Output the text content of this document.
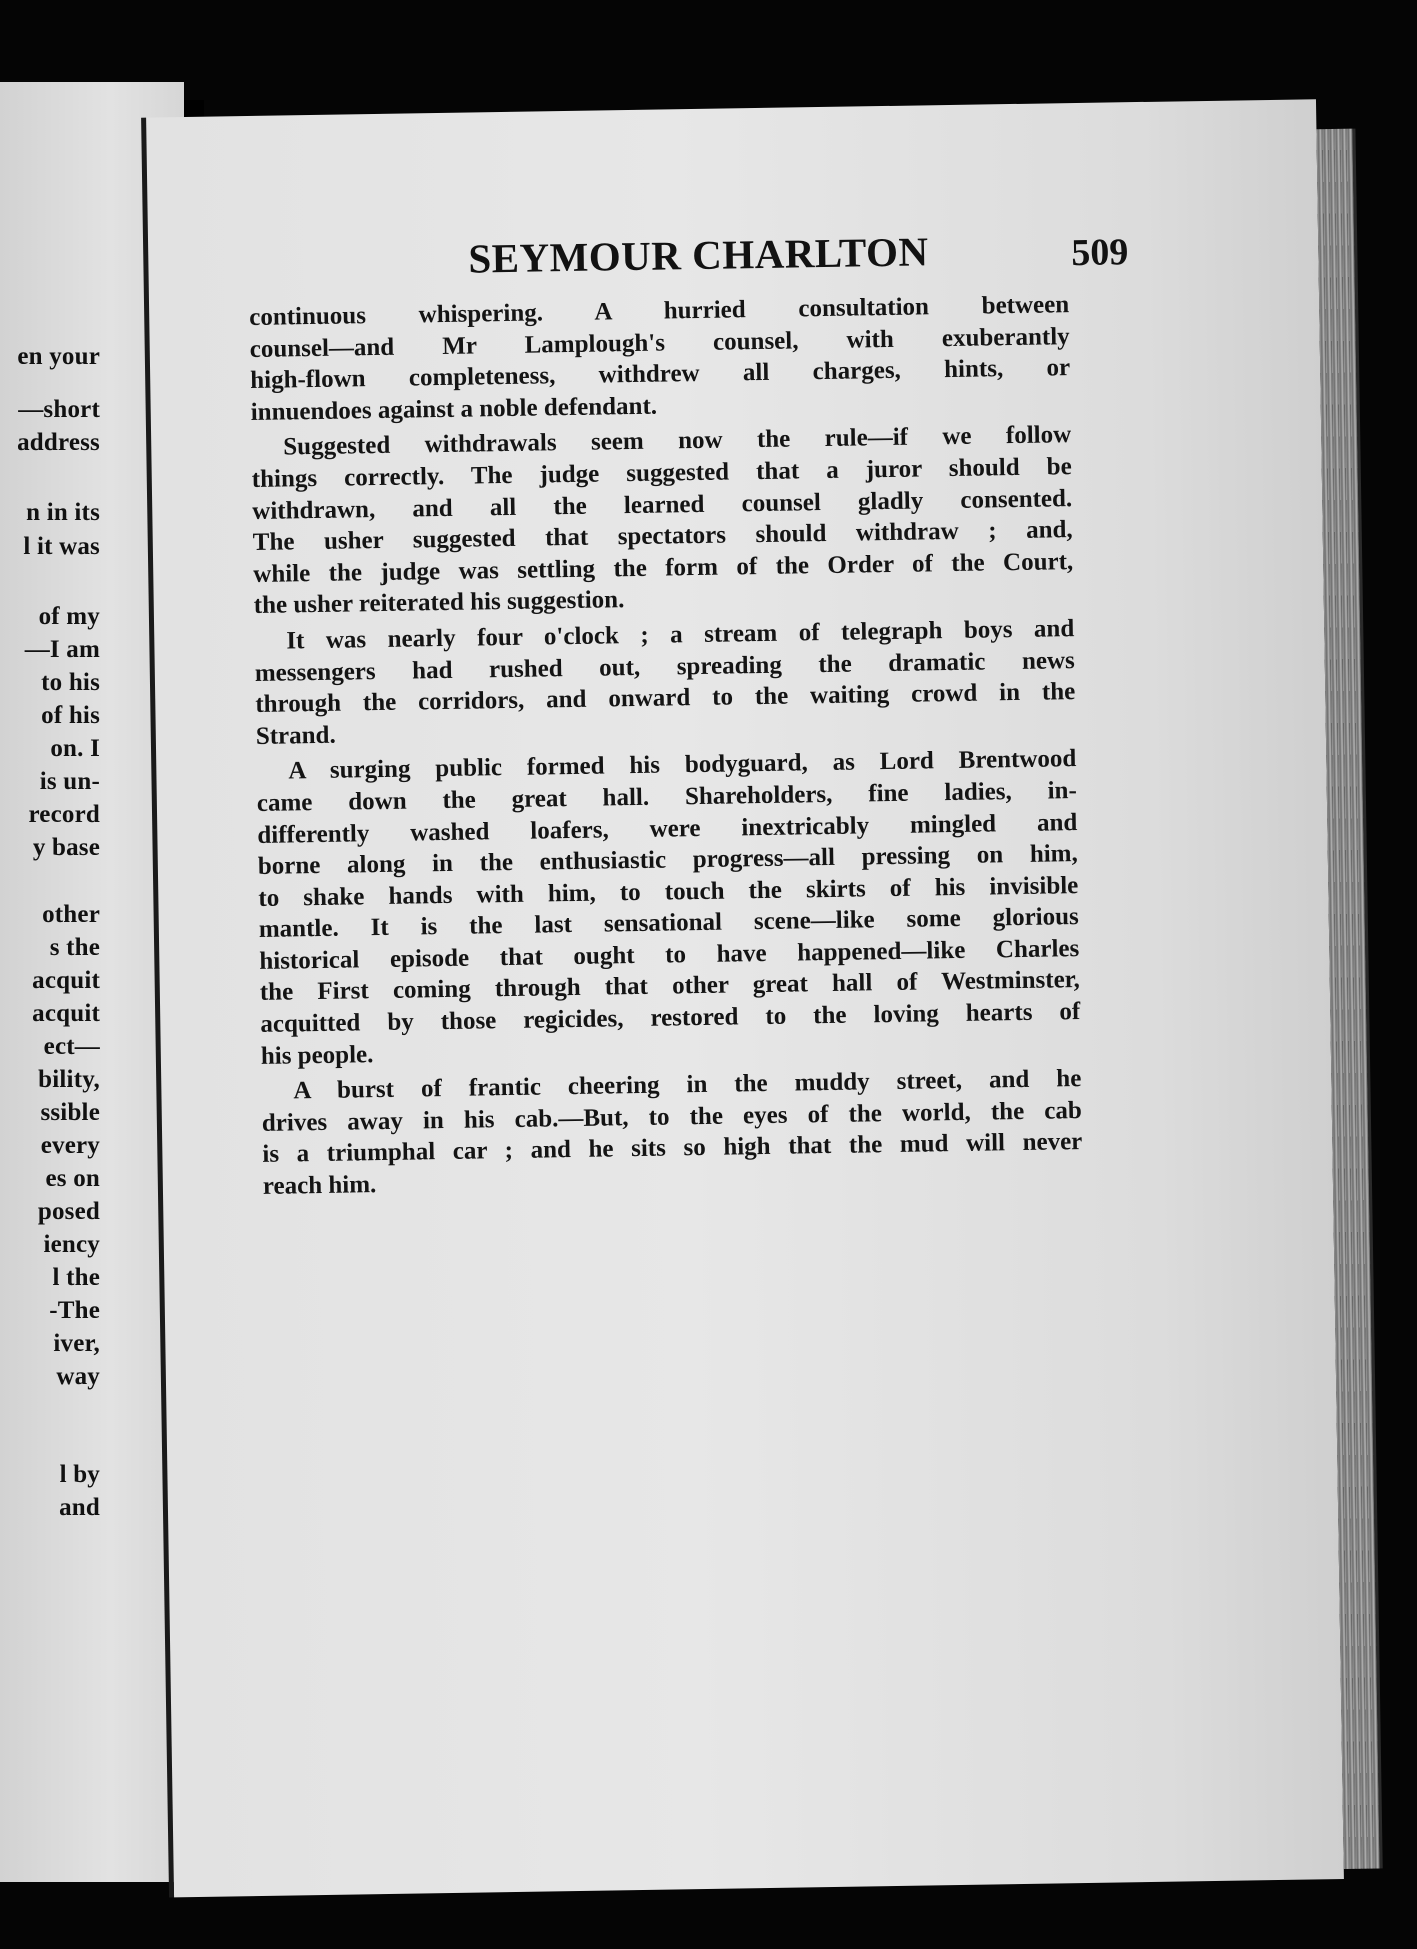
en your
—short
address
n in its
l it was
of my
—I am
to his
of his
on. I
is un-
record
y base
other
s the
acquit
acquit
ect—
bility,
ssible
every
es on
posed
iency
l the
-The
iver,
way
l by
and
SEYMOUR CHARLTON	509

continuous whispering. A hurried consultation between
counsel—and Mr Lamplough's counsel, with exuberantly
high-flown completeness, withdrew all charges, hints, or
innuendoes against a noble defendant.

Suggested withdrawals seem now the rule—if we follow
things correctly. The judge suggested that a juror should be
withdrawn, and all the learned counsel gladly consented.
The usher suggested that spectators should withdraw ; and,
while the judge was settling the form of the Order of the Court,
the usher reiterated his suggestion.

It was nearly four o'clock ; a stream of telegraph boys and
messengers had rushed out, spreading the dramatic news
through the corridors, and onward to the waiting crowd in the
Strand.

A surging public formed his bodyguard, as Lord Brentwood
came down the great hall. Shareholders, fine ladies, in-
differently washed loafers, were inextricably mingled and
borne along in the enthusiastic progress—all pressing on him,
to shake hands with him, to touch the skirts of his invisible
mantle. It is the last sensational scene—like some glorious
historical episode that ought to have happened—like Charles
the First coming through that other great hall of Westminster,
acquitted by those regicides, restored to the loving hearts of
his people.

A burst of frantic cheering in the muddy street, and he
drives away in his cab.—But, to the eyes of the world, the cab
is a triumphal car ; and he sits so high that the mud will never
reach him.
